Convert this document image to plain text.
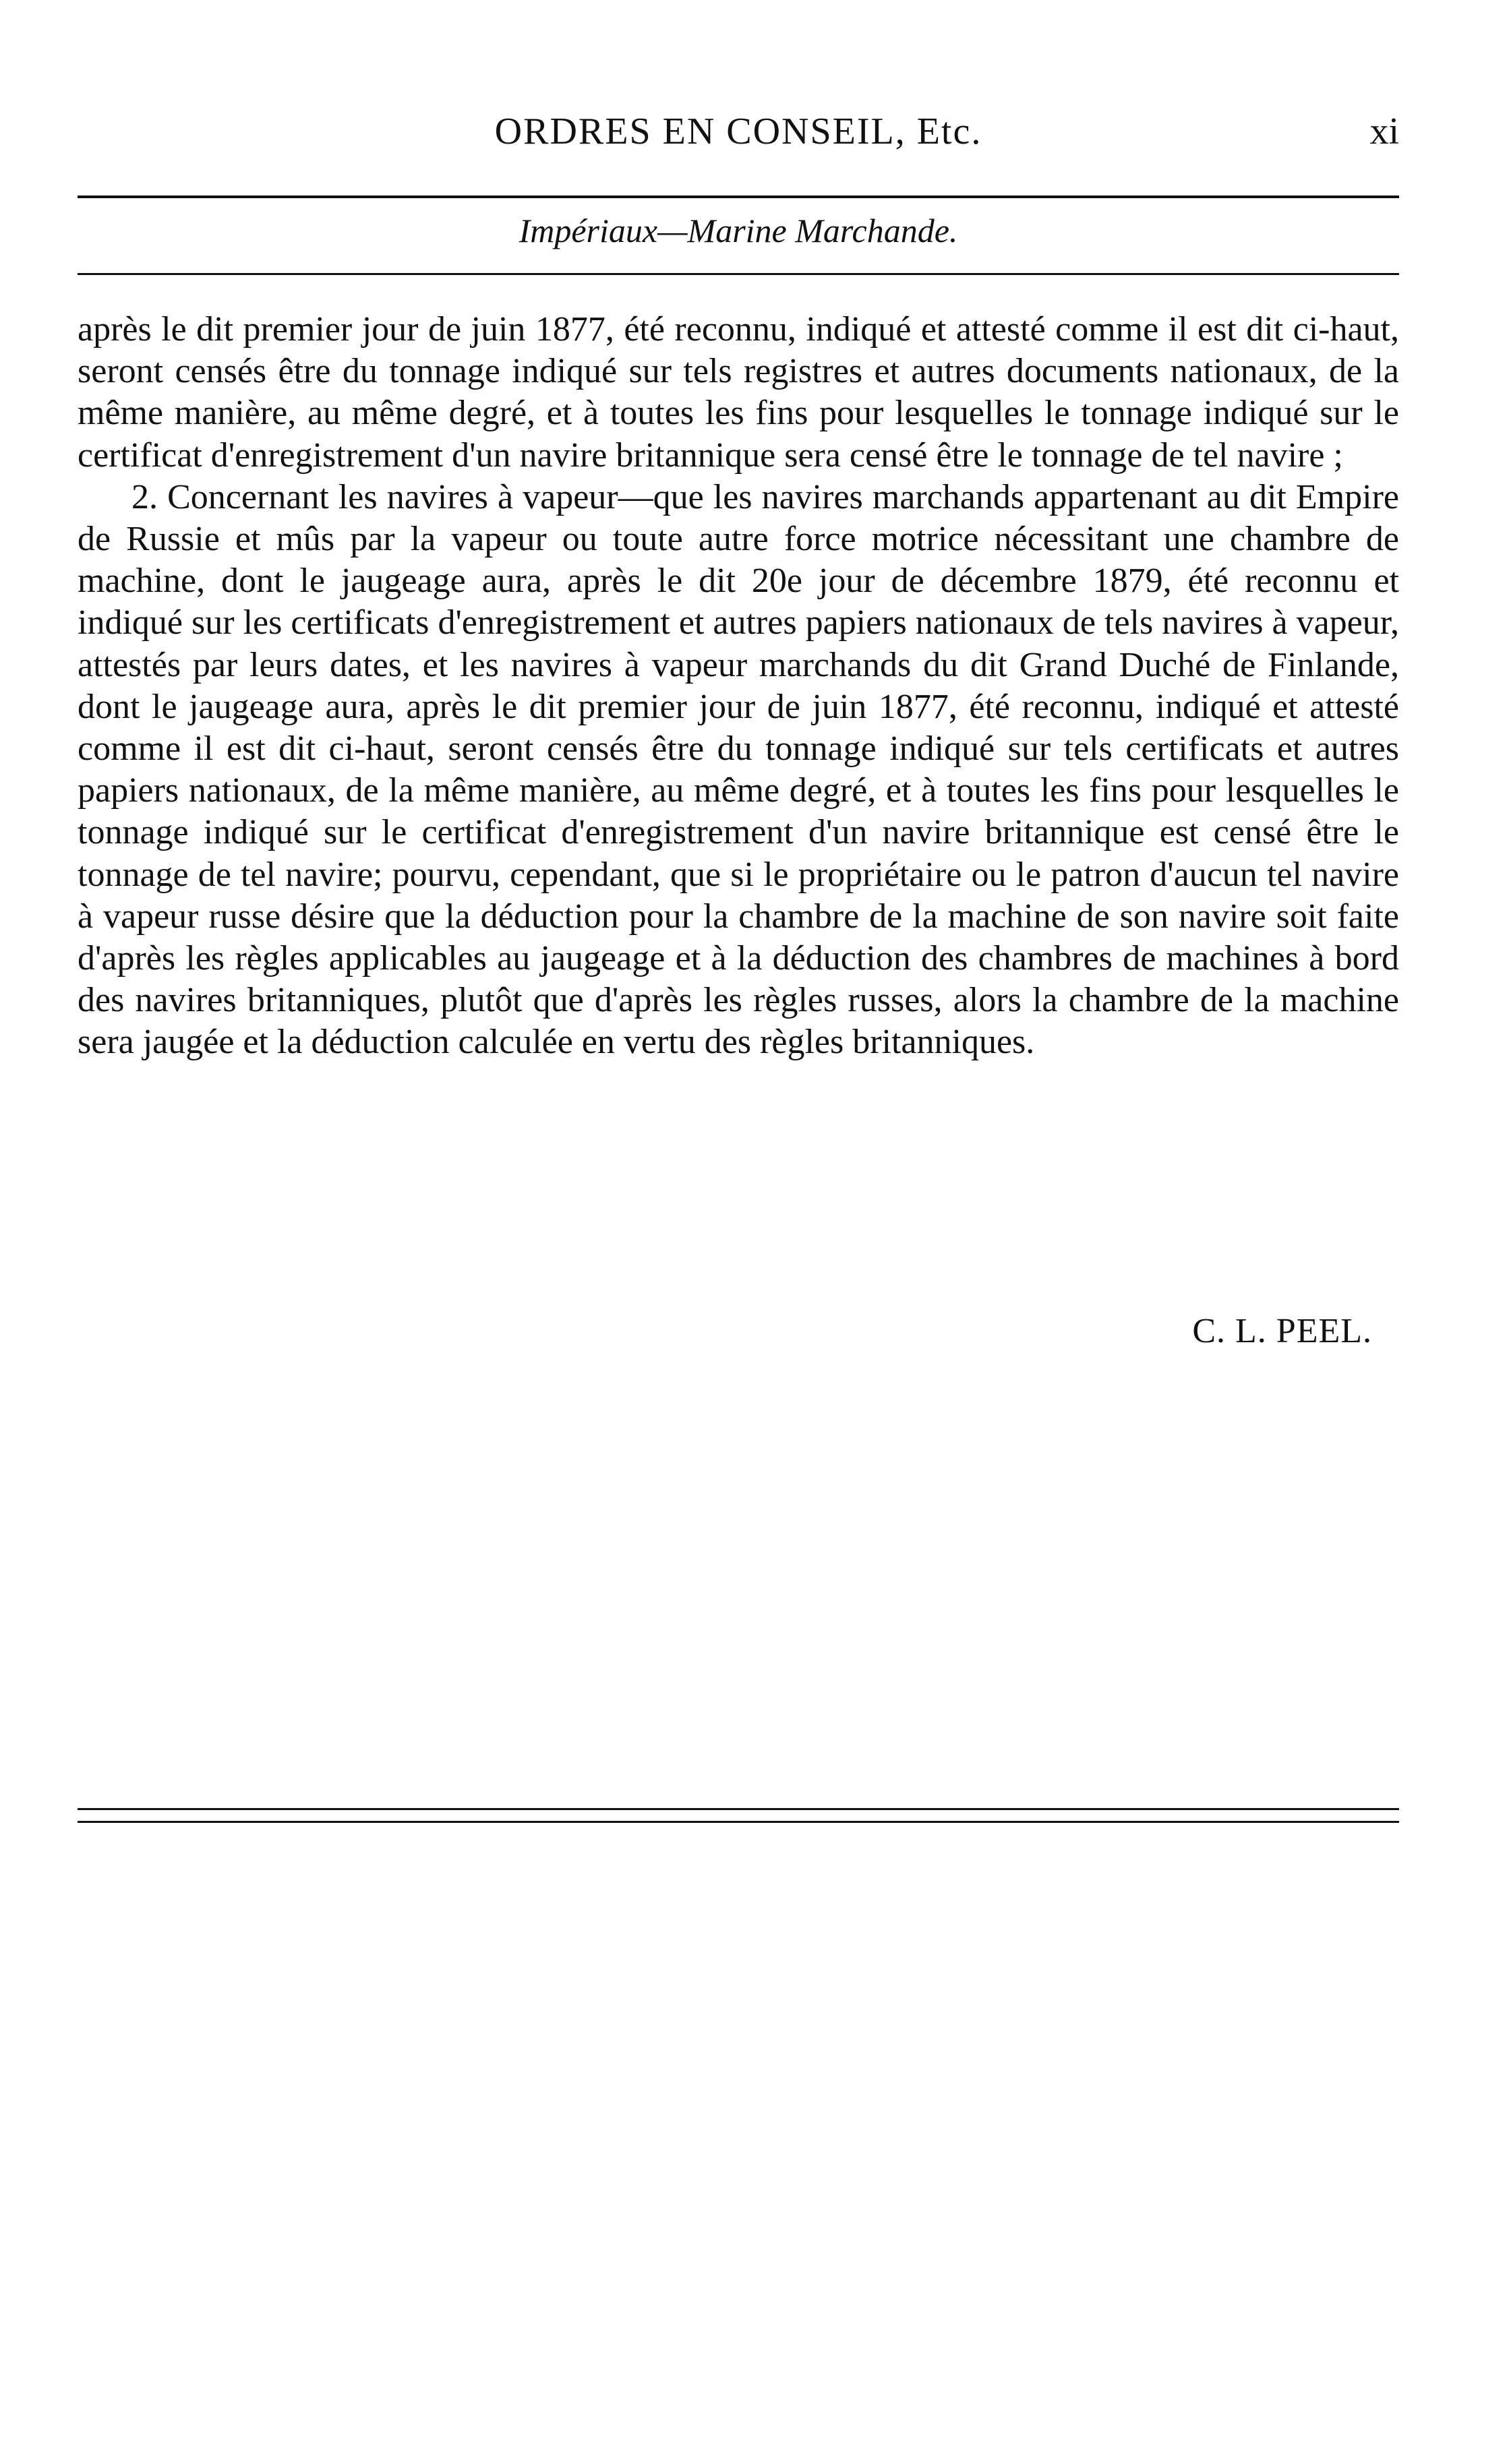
ORDRES EN CONSEIL, Etc.	xi
Impériaux—Marine Marchande.

après le dit premier jour de juin 1877, été reconnu, indiqué et attesté comme il est dit ci-haut, seront censés être du tonnage indiqué sur tels registres et autres documents nationaux, de la même manière, au même degré, et à toutes les fins pour lesquelles le tonnage indiqué sur le certificat d'enregistrement d'un navire britannique sera censé être le tonnage de tel navire ;

2. Concernant les navires à vapeur—que les navires marchands appartenant au dit Empire de Russie et mûs par la vapeur ou toute autre force motrice nécessitant une chambre de machine, dont le jaugeage aura, après le dit 20e jour de décembre 1879, été reconnu et indiqué sur les certificats d'enregistrement et autres papiers nationaux de tels navires à vapeur, attestés par leurs dates, et les navires à vapeur marchands du dit Grand Duché de Finlande, dont le jaugeage aura, après le dit premier jour de juin 1877, été reconnu, indiqué et attesté comme il est dit ci-haut, seront censés être du tonnage indiqué sur tels certificats et autres papiers nationaux, de la même manière, au même degré, et à toutes les fins pour lesquelles le tonnage indiqué sur le certificat d'enregistrement d'un navire britannique est censé être le tonnage de tel navire; pourvu, cependant, que si le propriétaire ou le patron d'aucun tel navire à vapeur russe désire que la déduction pour la chambre de la machine de son navire soit faite d'après les règles applicables au jaugeage et à la déduction des chambres de machines à bord des navires britanniques, plutôt que d'après les règles russes, alors la chambre de la machine sera jaugée et la déduction calculée en vertu des règles britanniques.

C. L. PEEL.
